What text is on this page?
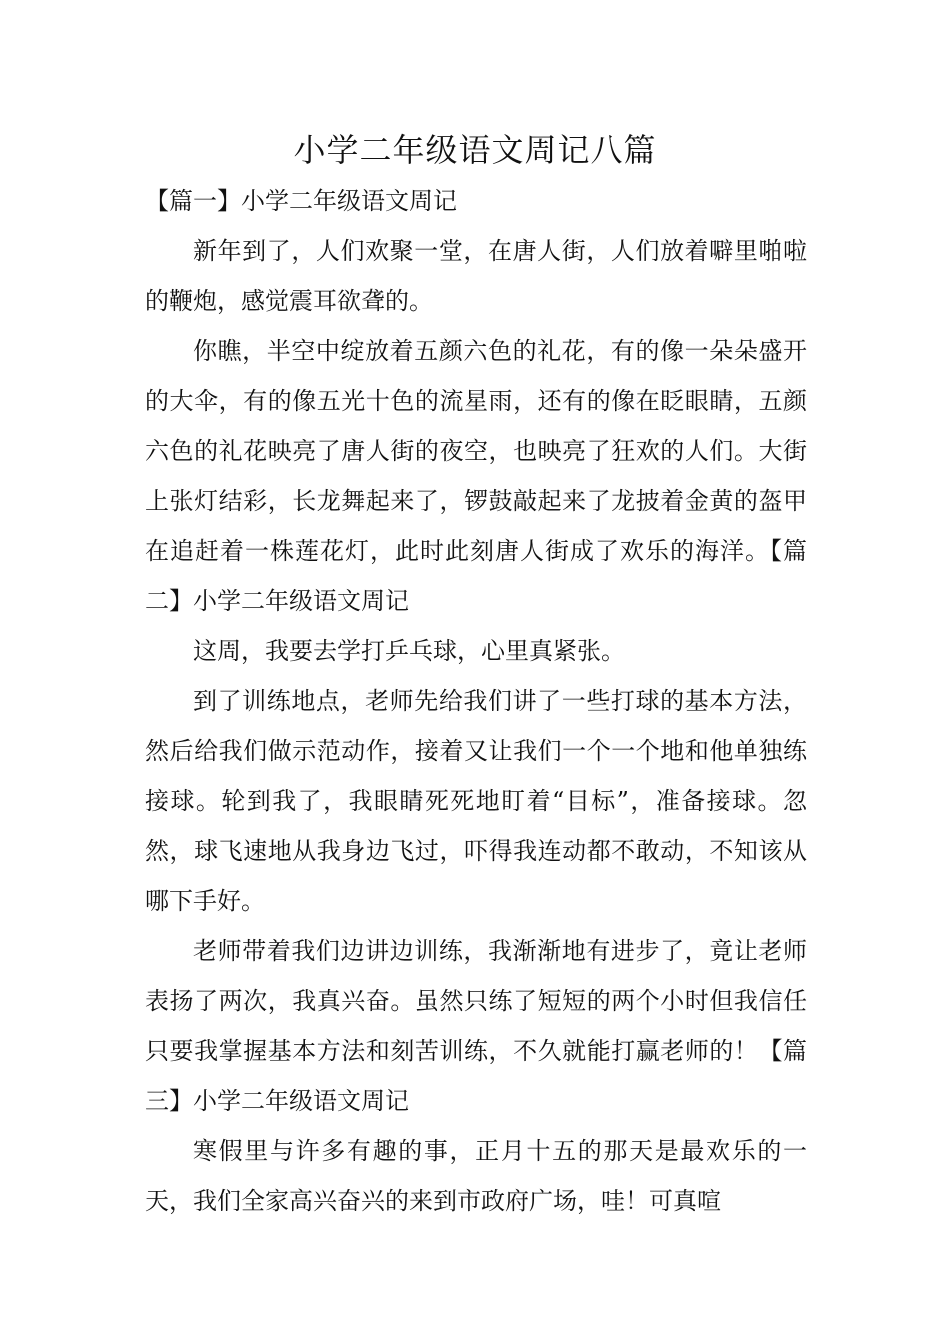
小学二年级语文周记八篇

【篇一】小学二年级语文周记

新年到了，人们欢聚一堂，在唐人街，人们放着噼里啪啦的鞭炮，感觉震耳欲聋的。

你瞧，半空中绽放着五颜六色的礼花，有的像一朵朵盛开的大伞，有的像五光十色的流星雨，还有的像在眨眼睛，五颜六色的礼花映亮了唐人街的夜空，也映亮了狂欢的人们。大街上张灯结彩，长龙舞起来了，锣鼓敲起来了龙披着金黄的盔甲在追赶着一株莲花灯，此时此刻唐人街成了欢乐的海洋。【篇二】小学二年级语文周记

这周，我要去学打乒乓球，心里真紧张。

到了训练地点，老师先给我们讲了一些打球的基本方法，然后给我们做示范动作，接着又让我们一个一个地和他单独练接球。轮到我了，我眼睛死死地盯着“目标”，准备接球。忽然，球飞速地从我身边飞过，吓得我连动都不敢动，不知该从哪下手好。

老师带着我们边讲边训练，我渐渐地有进步了，竟让老师表扬了两次，我真兴奋。虽然只练了短短的两个小时但我信任只要我掌握基本方法和刻苦训练，不久就能打赢老师的！【篇三】小学二年级语文周记

寒假里与许多有趣的事，正月十五的那天是最欢乐的一天，我们全家高兴奋兴的来到市政府广场，哇！可真喧
